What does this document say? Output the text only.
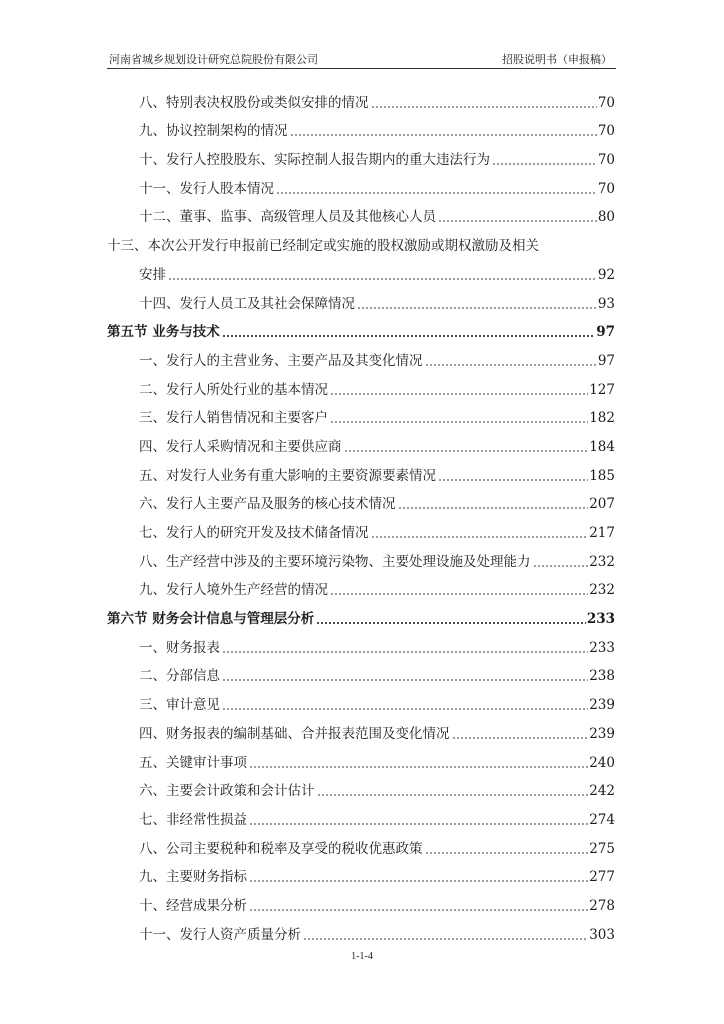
河南省城乡规划设计研究总院股份有限公司	招股说明书（申报稿）
八、特别表决权股份或类似安排的情况	70
九、协议控制架构的情况	70
十、发行人控股股东、实际控制人报告期内的重大违法行为	70
十一、发行人股本情况	70
十二、董事、监事、高级管理人员及其他核心人员	80
十三、本次公开发行申报前已经制定或实施的股权激励或期权激励及相关
安排	92
十四、发行人员工及其社会保障情况	93
第五节 业务与技术	97
一、发行人的主营业务、主要产品及其变化情况	97
二、发行人所处行业的基本情况	127
三、发行人销售情况和主要客户	182
四、发行人采购情况和主要供应商	184
五、对发行人业务有重大影响的主要资源要素情况	185
六、发行人主要产品及服务的核心技术情况	207
七、发行人的研究开发及技术储备情况	217
八、生产经营中涉及的主要环境污染物、主要处理设施及处理能力	232
九、发行人境外生产经营的情况	232
第六节 财务会计信息与管理层分析	233
一、财务报表	233
二、分部信息	238
三、审计意见	239
四、财务报表的编制基础、合并报表范围及变化情况	239
五、关键审计事项	240
六、主要会计政策和会计估计	242
七、非经常性损益	274
八、公司主要税种和税率及享受的税收优惠政策	275
九、主要财务指标	277
十、经营成果分析	278
十一、发行人资产质量分析	303
1-1-4
